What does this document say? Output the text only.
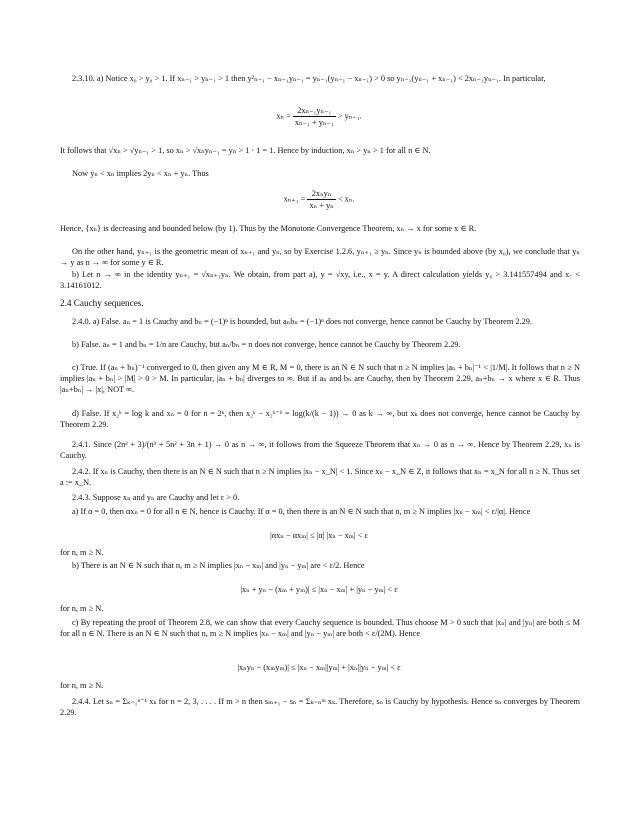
2.3.10. a) Notice x₀ > y₀ > 1. If xₙ₋₁ > yₙ₋₁ > 1 then y²ₙ₋₁ − xₙ₋₁yₙ₋₁ = yₙ₋₁(yₙ₋₁ − xₙ₋₁) > 0 so yₙ₋₁(yₙ₋₁ + xₙ₋₁) < 2xₙ₋₁yₙ₋₁. In particular,

$x_n = \frac{\text{2xₙ₋₁yₙ₋₁}}{\text{xₙ₋₁ + yₙ₋₁}} > y_{n-1}$.

It follows that √xₙ > √yₙ₋₁ > 1, so xₙ > √xₙyₙ₋₁ = yₙ > 1 · 1 = 1. Hence by induction, xₙ > yₙ > 1 for all n ∈ N.

Now yₙ < xₙ implies 2yₙ < xₙ + yₙ. Thus

$x_{n+1} = \frac{\text{2xₙyₙ}}{\text{xₙ + yₙ}} < x_n$.

Hence, {xₙ} is decreasing and bounded below (by 1). Thus by the Monotone Convergence Theorem, xₙ → x for some x ∈ R.

On the other hand, yₙ₊₁ is the geometric mean of xₙ₊₁ and yₙ, so by Exercise 1.2.6, yₙ₊₁ ≥ yₙ. Since yₙ is bounded above (by x₀), we conclude that yₙ → y as n → ∞ for some y ∈ R.

b) Let n → ∞ in the identity yₙ₊₁ = √xₙ₊₁yₙ. We obtain, from part a), y = √xy, i.e., x = y. A direct calculation yields y₆ > 3.141557494 and x₇ < 3.14161012.

2.4 Cauchy sequences.

2.4.0. a) False. aₙ = 1 is Cauchy and bₙ = (−1)ⁿ is bounded, but aₙbₙ = (−1)ⁿ does not converge, hence cannot be Cauchy by Theorem 2.29.

b) False. aₙ = 1 and bₙ = 1/n are Cauchy, but aₙ/bₙ = n does not converge, hence cannot be Cauchy by Theorem 2.29.

c) True. If (aₙ + bₙ)⁻¹ converged to 0, then given any M ∈ R, M = 0, there is an N ∈ N such that n ≥ N implies |aₙ + bₙ|⁻¹ < |1/M|. It follows that n ≥ N implies |aₙ + bₙ| > |M| > 0 > M. In particular, |aₙ + bₙ| diverges to ∞. But if aₙ and bₙ are Cauchy, then by Theorem 2.29, aₙ+bₙ → x where x ∈ R. Thus |aₙ+bₙ| → |x|, NOT ∞.

d) False. If x₂ᵏ = log k and xₙ = 0 for n = 2ᵏ, then x₂ᵏ − x₂ᵏ⁻¹ = log(k/(k − 1)) → 0 as k → ∞, but xₖ does not converge, hence cannot be Cauchy by Theorem 2.29.

2.4.1. Since (2n² + 3)/(n³ + 5n² + 3n + 1) → 0 as n → ∞, it follows from the Squeeze Theorem that xₙ → 0 as n → ∞. Hence by Theorem 2.29, xₙ is Cauchy.

2.4.2. If xₙ is Cauchy, then there is an N ∈ N such that n ≥ N implies |xₙ − x_N| < 1. Since xₙ − x_N ∈ Z, it follows that xₙ = x_N for all n ≥ N. Thus set a := x_N.

2.4.3. Suppose xₙ and yₙ are Cauchy and let ε > 0.

a) If α = 0, then αxₙ = 0 for all n ∈ N, hence is Cauchy. If α = 0, then there is an N ∈ N such that n, m ≥ N implies |xₙ − xₘ| < ε/|α|. Hence

|αxₙ − αxₘ| ≤ |α| |xₙ − xₘ| < ε

for n, m ≥ N.

b) There is an N ∈ N such that n, m ≥ N implies |xₙ − xₘ| and |yₙ − yₘ| are < ε/2. Hence

|xₙ + yₙ − (xₘ + yₘ)| ≤ |xₙ − xₘ| + |yₙ − yₘ| < ε

for n, m ≥ N.

c) By repeating the proof of Theorem 2.8, we can show that every Cauchy sequence is bounded. Thus choose M > 0 such that |xₙ| and |yₙ| are both ≤ M for all n ∈ N. There is an N ∈ N such that n, m ≥ N implies |xₙ − xₘ| and |yₙ − yₘ| are both < ε/(2M). Hence

|xₙyₙ − (xₘyₘ)| ≤ |xₙ − xₘ||yₘ| + |xₙ||yₙ − yₘ| < ε

for n, m ≥ N.

2.4.4. Let sₙ = Σₖ₌₁ⁿ⁻¹ xₖ for n = 2, 3, . . . . If m > n then sₘ₊₁ − sₙ = Σₖ₌ₙᵐ xₖ. Therefore, sₙ is Cauchy by hypothesis. Hence sₙ converges by Theorem 2.29.
